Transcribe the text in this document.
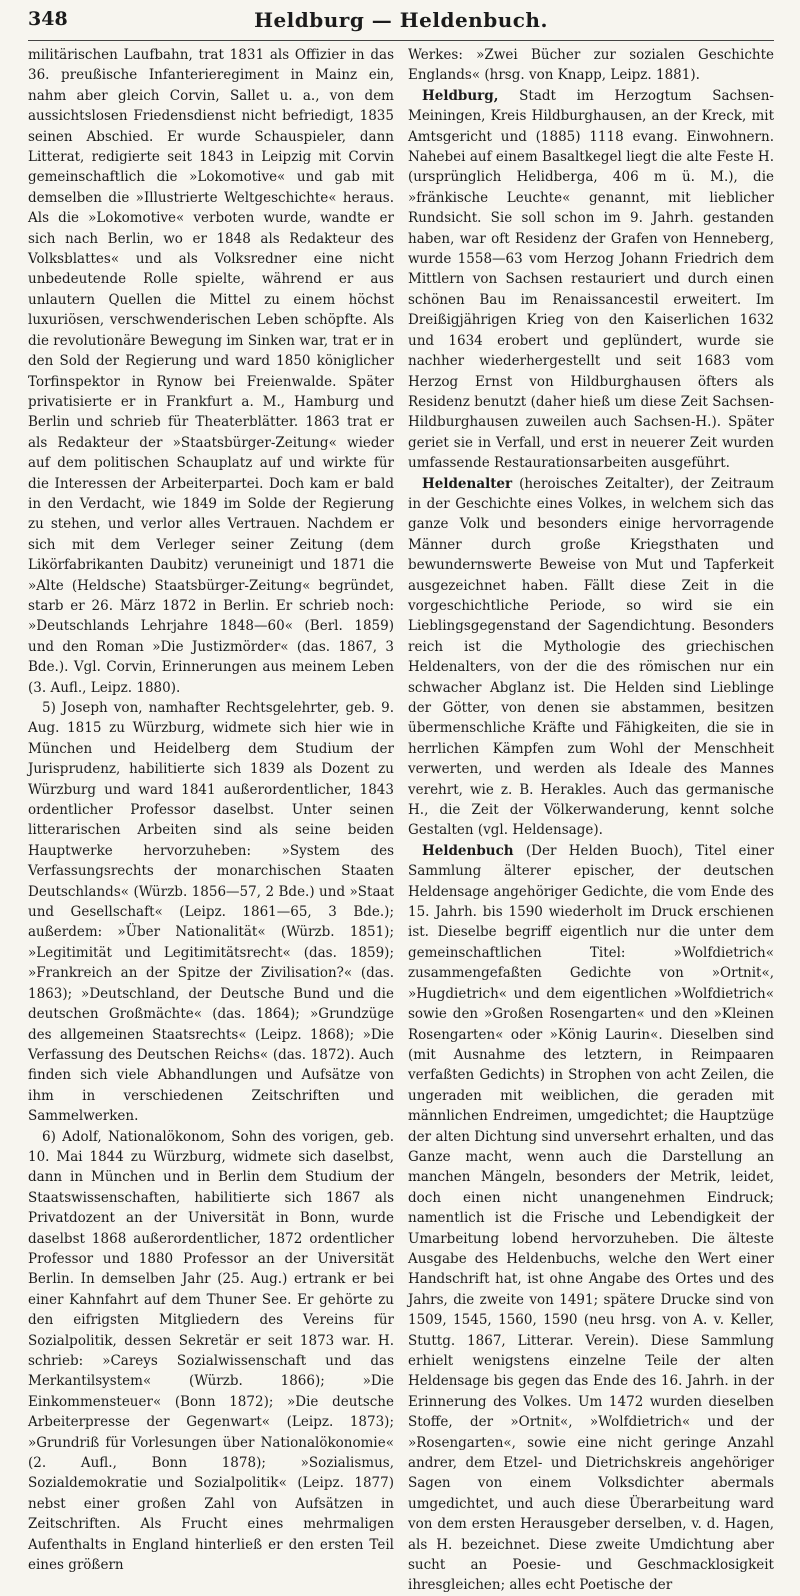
348	Heldburg — Heldenbuch.

militärischen Laufbahn, trat 1831 als Offizier in das 36. preußische Infanterieregiment in Mainz ein, nahm aber gleich Corvin, Sallet u. a., von dem aussichtslosen Friedensdienst nicht befriedigt, 1835 seinen Abschied. Er wurde Schauspieler, dann Litterat, redigierte seit 1843 in Leipzig mit Corvin gemeinschaftlich die »Lokomotive« und gab mit demselben die »Illustrierte Weltgeschichte« heraus. Als die »Lokomotive« verboten wurde, wandte er sich nach Berlin, wo er 1848 als Redakteur des Volksblattes« und als Volksredner eine nicht unbedeutende Rolle spielte, während er aus unlautern Quellen die Mittel zu einem höchst luxuriösen, verschwenderischen Leben schöpfte. Als die revolutionäre Bewegung im Sinken war, trat er in den Sold der Regierung und ward 1850 königlicher Torfinspektor in Rynow bei Freienwalde. Später privatisierte er in Frankfurt a. M., Hamburg und Berlin und schrieb für Theaterblätter. 1863 trat er als Redakteur der »Staatsbürger-Zeitung« wieder auf dem politischen Schauplatz auf und wirkte für die Interessen der Arbeiterpartei. Doch kam er bald in den Verdacht, wie 1849 im Solde der Regierung zu stehen, und verlor alles Vertrauen. Nachdem er sich mit dem Verleger seiner Zeitung (dem Likörfabrikanten Daubitz) veruneinigt und 1871 die »Alte (Heldsche) Staatsbürger-Zeitung« begründet, starb er 26. März 1872 in Berlin. Er schrieb noch: »Deutschlands Lehrjahre 1848—60« (Berl. 1859) und den Roman »Die Justizmörder« (das. 1867, 3 Bde.). Vgl. Corvin, Erinnerungen aus meinem Leben (3. Aufl., Leipz. 1880).

5) Joseph von, namhafter Rechtsgelehrter, geb. 9. Aug. 1815 zu Würzburg, widmete sich hier wie in München und Heidelberg dem Studium der Jurisprudenz, habilitierte sich 1839 als Dozent zu Würzburg und ward 1841 außerordentlicher, 1843 ordentlicher Professor daselbst. Unter seinen litterarischen Arbeiten sind als seine beiden Hauptwerke hervorzuheben: »System des Verfassungsrechts der monarchischen Staaten Deutschlands« (Würzb. 1856—57, 2 Bde.) und »Staat und Gesellschaft« (Leipz. 1861—65, 3 Bde.); außerdem: »Über Nationalität« (Würzb. 1851); »Legitimität und Legitimitätsrecht« (das. 1859); »Frankreich an der Spitze der Zivilisation?« (das. 1863); »Deutschland, der Deutsche Bund und die deutschen Großmächte« (das. 1864); »Grundzüge des allgemeinen Staatsrechts« (Leipz. 1868); »Die Verfassung des Deutschen Reichs« (das. 1872). Auch finden sich viele Abhandlungen und Aufsätze von ihm in verschiedenen Zeitschriften und Sammelwerken.

6) Adolf, Nationalökonom, Sohn des vorigen, geb. 10. Mai 1844 zu Würzburg, widmete sich daselbst, dann in München und in Berlin dem Studium der Staatswissenschaften, habilitierte sich 1867 als Privatdozent an der Universität in Bonn, wurde daselbst 1868 außerordentlicher, 1872 ordentlicher Professor und 1880 Professor an der Universität Berlin. In demselben Jahr (25. Aug.) ertrank er bei einer Kahnfahrt auf dem Thuner See. Er gehörte zu den eifrigsten Mitgliedern des Vereins für Sozialpolitik, dessen Sekretär er seit 1873 war. H. schrieb: »Careys Sozialwissenschaft und das Merkantilsystem« (Würzb. 1866); »Die Einkommensteuer« (Bonn 1872); »Die deutsche Arbeiterpresse der Gegenwart« (Leipz. 1873); »Grundriß für Vorlesungen über Nationalökonomie« (2. Aufl., Bonn 1878); »Sozialismus, Sozialdemokratie und Sozialpolitik« (Leipz. 1877) nebst einer großen Zahl von Aufsätzen in Zeitschriften. Als Frucht eines mehrmaligen Aufenthalts in England hinterließ er den ersten Teil eines größern

Werkes: »Zwei Bücher zur sozialen Geschichte Englands« (hrsg. von Knapp, Leipz. 1881).

Heldburg, Stadt im Herzogtum Sachsen-Meiningen, Kreis Hildburghausen, an der Kreck, mit Amtsgericht und (1885) 1118 evang. Einwohnern. Nahebei auf einem Basaltkegel liegt die alte Feste H. (ursprünglich Helidberga, 406 m ü. M.), die »fränkische Leuchte« genannt, mit lieblicher Rundsicht. Sie soll schon im 9. Jahrh. gestanden haben, war oft Residenz der Grafen von Henneberg, wurde 1558—63 vom Herzog Johann Friedrich dem Mittlern von Sachsen restauriert und durch einen schönen Bau im Renaissancestil erweitert. Im Dreißigjährigen Krieg von den Kaiserlichen 1632 und 1634 erobert und geplündert, wurde sie nachher wiederhergestellt und seit 1683 vom Herzog Ernst von Hildburghausen öfters als Residenz benutzt (daher hieß um diese Zeit Sachsen-Hildburghausen zuweilen auch Sachsen-H.). Später geriet sie in Verfall, und erst in neuerer Zeit wurden umfassende Restaurationsarbeiten ausgeführt.

Heldenalter (heroisches Zeitalter), der Zeitraum in der Geschichte eines Volkes, in welchem sich das ganze Volk und besonders einige hervorragende Männer durch große Kriegsthaten und bewundernswerte Beweise von Mut und Tapferkeit ausgezeichnet haben. Fällt diese Zeit in die vorgeschichtliche Periode, so wird sie ein Lieblingsgegenstand der Sagendichtung. Besonders reich ist die Mythologie des griechischen Heldenalters, von der die des römischen nur ein schwacher Abglanz ist. Die Helden sind Lieblinge der Götter, von denen sie abstammen, besitzen übermenschliche Kräfte und Fähigkeiten, die sie in herrlichen Kämpfen zum Wohl der Menschheit verwerten, und werden als Ideale des Mannes verehrt, wie z. B. Herakles. Auch das germanische H., die Zeit der Völkerwanderung, kennt solche Gestalten (vgl. Heldensage).

Heldenbuch (Der Helden Buoch), Titel einer Sammlung älterer epischer, der deutschen Heldensage angehöriger Gedichte, die vom Ende des 15. Jahrh. bis 1590 wiederholt im Druck erschienen ist. Dieselbe begriff eigentlich nur die unter dem gemeinschaftlichen Titel: »Wolfdietrich« zusammengefaßten Gedichte von »Ortnit«, »Hugdietrich« und dem eigentlichen »Wolfdietrich« sowie den »Großen Rosengarten« und den »Kleinen Rosengarten« oder »König Laurin«. Dieselben sind (mit Ausnahme des letztern, in Reimpaaren verfaßten Gedichts) in Strophen von acht Zeilen, die ungeraden mit weiblichen, die geraden mit männlichen Endreimen, umgedichtet; die Hauptzüge der alten Dichtung sind unversehrt erhalten, und das Ganze macht, wenn auch die Darstellung an manchen Mängeln, besonders der Metrik, leidet, doch einen nicht unangenehmen Eindruck; namentlich ist die Frische und Lebendigkeit der Umarbeitung lobend hervorzuheben. Die älteste Ausgabe des Heldenbuchs, welche den Wert einer Handschrift hat, ist ohne Angabe des Ortes und des Jahrs, die zweite von 1491; spätere Drucke sind von 1509, 1545, 1560, 1590 (neu hrsg. von A. v. Keller, Stuttg. 1867, Litterar. Verein). Diese Sammlung erhielt wenigstens einzelne Teile der alten Heldensage bis gegen das Ende des 16. Jahrh. in der Erinnerung des Volkes. Um 1472 wurden dieselben Stoffe, der »Ortnit«, »Wolfdietrich« und der »Rosengarten«, sowie eine nicht geringe Anzahl andrer, dem Etzel- und Dietrichskreis angehöriger Sagen von einem Volksdichter abermals umgedichtet, und auch diese Überarbeitung ward von dem ersten Herausgeber derselben, v. d. Hagen, als H. bezeichnet. Diese zweite Umdichtung aber sucht an Poesie- und Geschmacklosigkeit ihresgleichen; alles echt Poetische der
